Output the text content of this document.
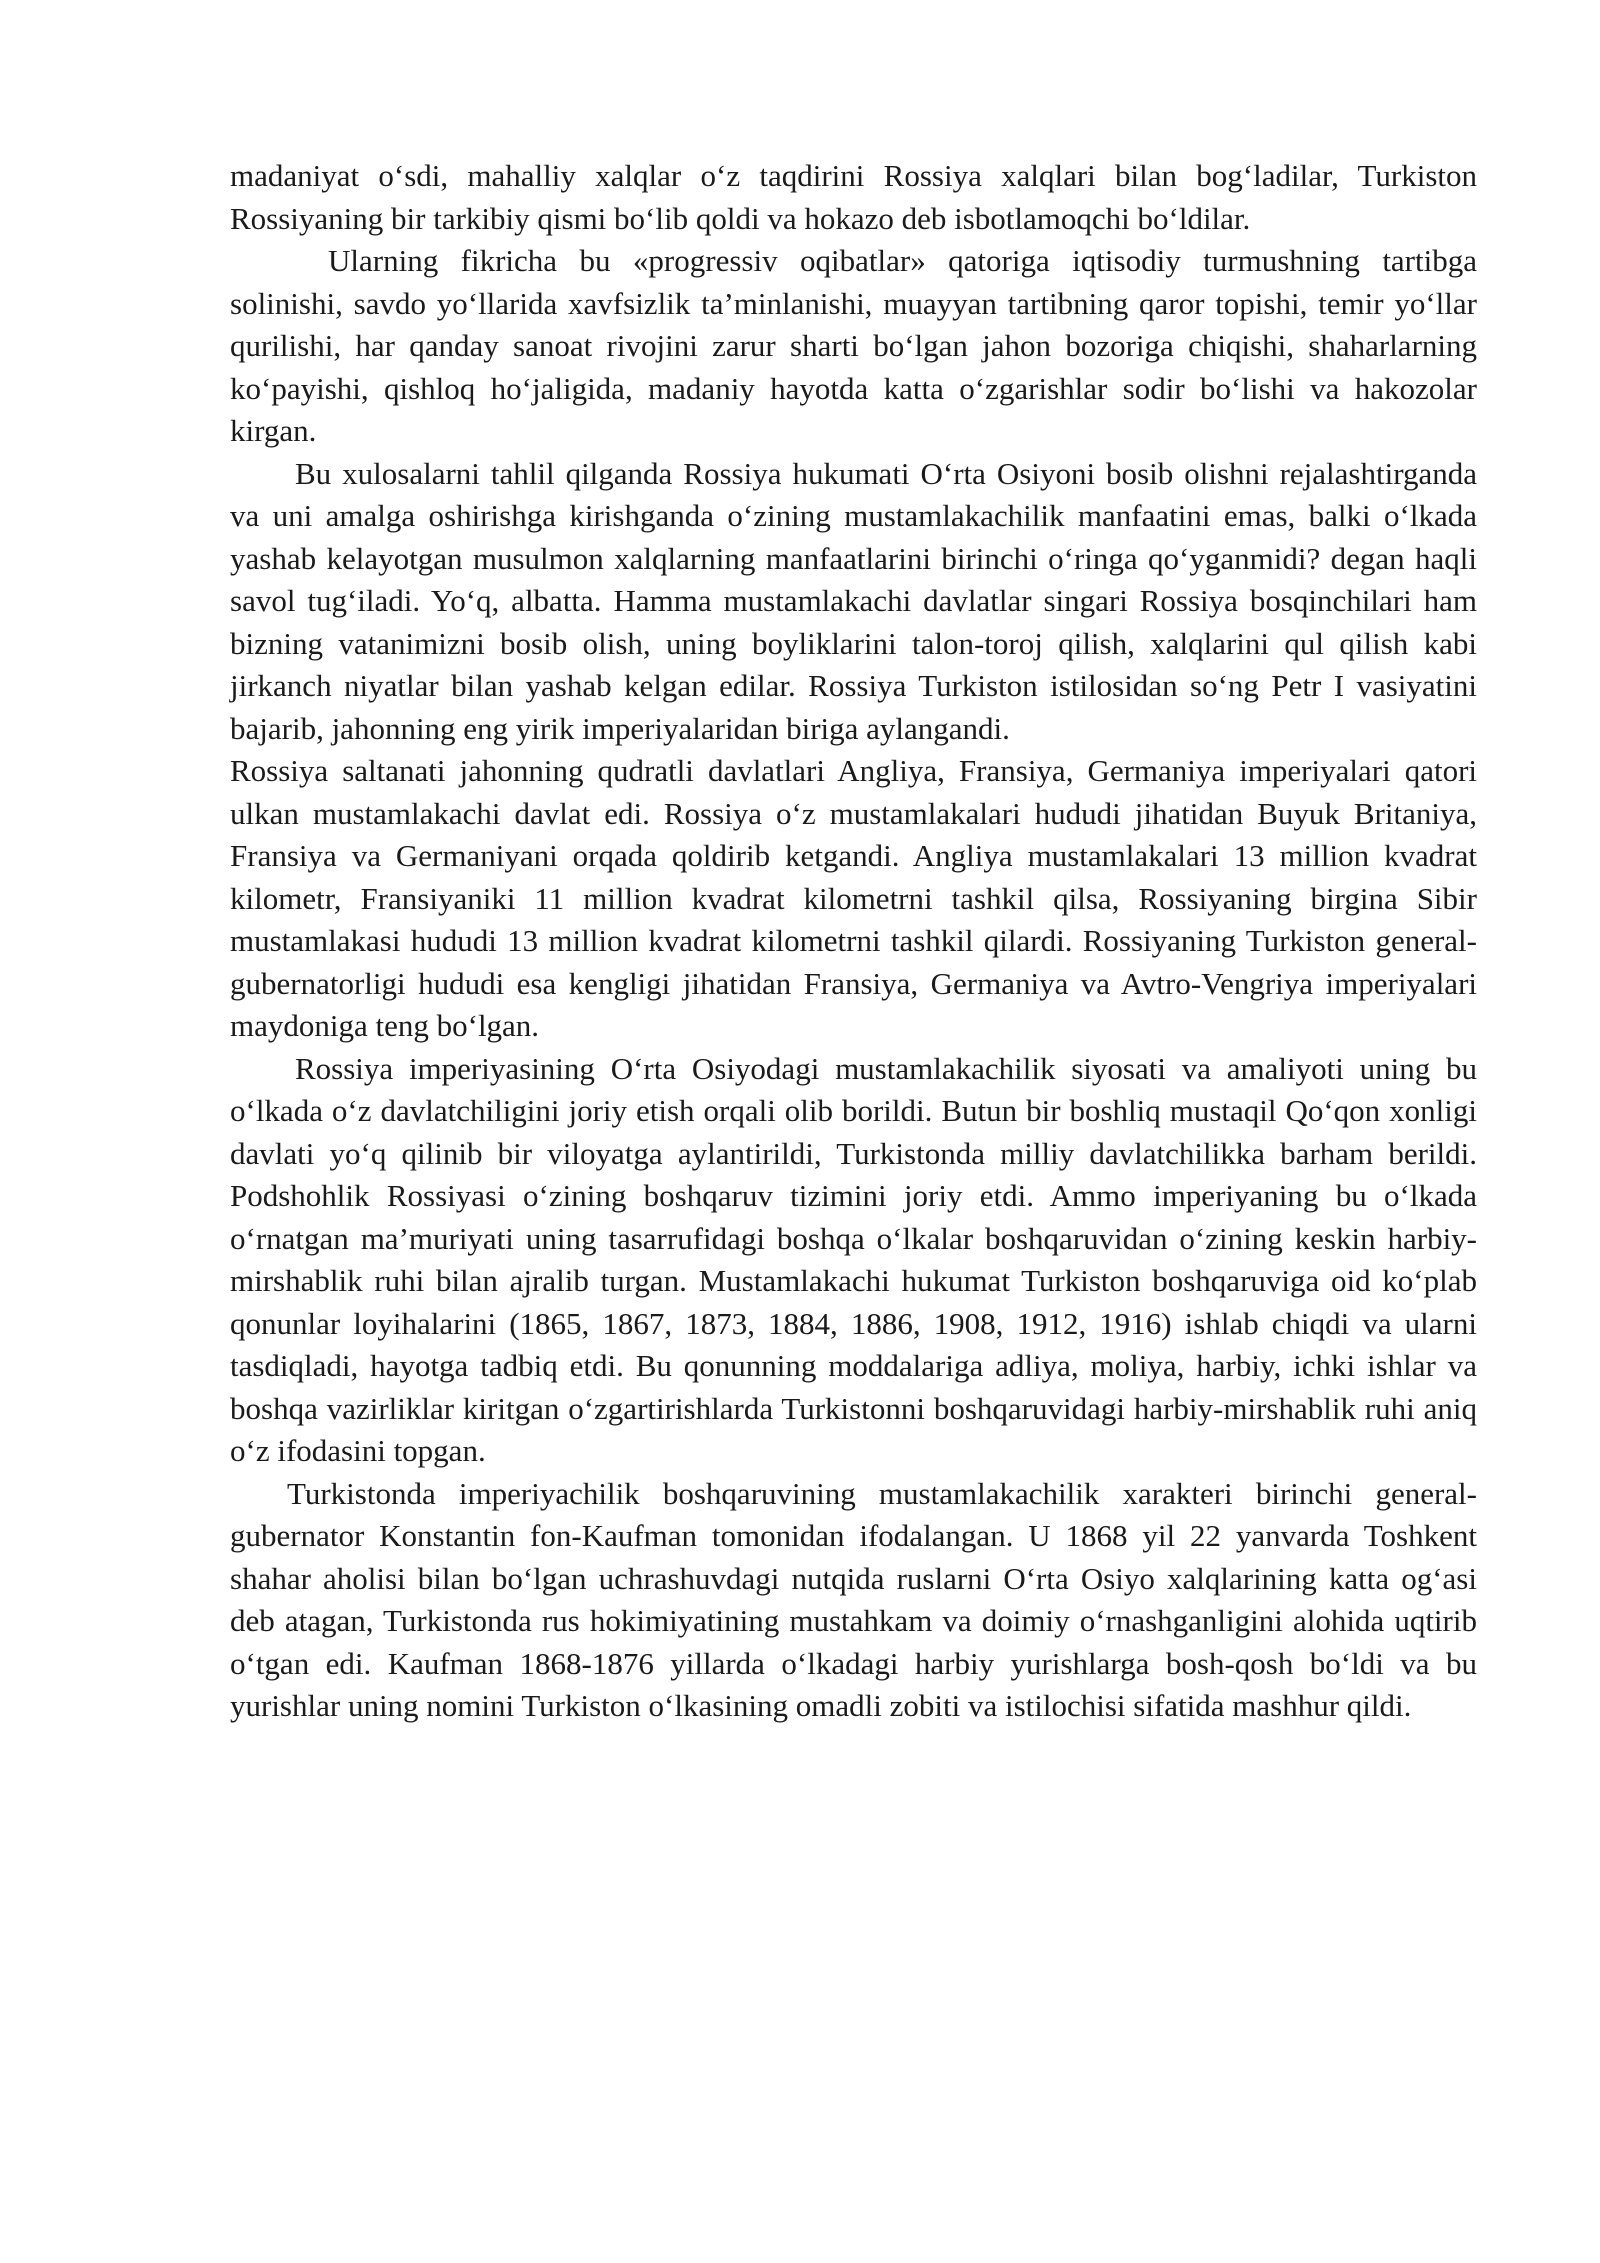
madaniyat o‘sdi, mahalliy xalqlar o‘z taqdirini Rossiya xalqlari bilan bog‘ladilar, Turkiston Rossiyaning bir tarkibiy qismi bo‘lib qoldi va hokazo deb isbotlamoqchi bo‘ldilar.

Ularning fikricha bu «progressiv oqibatlar» qatoriga iqtisodiy turmushning tartibga solinishi, savdo yo‘llarida xavfsizlik ta’minlanishi, muayyan tartibning qaror topishi, temir yo‘llar qurilishi, har qanday sanoat rivojini zarur sharti bo‘lgan jahon bozoriga chiqishi, shaharlarning ko‘payishi, qishloq ho‘jaligida, madaniy hayotda katta o‘zgarishlar sodir bo‘lishi va hakozolar kirgan.

Bu xulosalarni tahlil qilganda Rossiya hukumati O‘rta Osiyoni bosib olishni rejalashtirganda va uni amalga oshirishga kirishganda o‘zining mustamlakachilik manfaatini emas, balki o‘lkada yashab kelayotgan musulmon xalqlarning manfaatlarini birinchi o‘ringa qo‘yganmidi? degan haqli savol tug‘iladi. Yo‘q, albatta. Hamma mustamlakachi davlatlar singari Rossiya bosqinchilari ham bizning vatanimizni bosib olish, uning boyliklarini talon-toroj qilish, xalqlarini qul qilish kabi jirkanch niyatlar bilan yashab kelgan edilar. Rossiya Turkiston istilosidan so‘ng Petr I vasiyatini bajarib, jahonning eng yirik imperiyalaridan biriga aylangandi.

Rossiya saltanati jahonning qudratli davlatlari Angliya, Fransiya, Germaniya imperiyalari qatori ulkan mustamlakachi davlat edi. Rossiya o‘z mustamlakalari hududi jihatidan Buyuk Britaniya, Fransiya va Germaniyani orqada qoldirib ketgandi. Angliya mustamlakalari 13 million kvadrat kilometr, Fransiyaniki 11 million kvadrat kilometrni tashkil qilsa, Rossiyaning birgina Sibir mustamlakasi hududi 13 million kvadrat kilometrni tashkil qilardi. Rossiyaning Turkiston general-gubernatorligi hududi esa kengligi jihatidan Fransiya, Germaniya va Avtro-Vengriya imperiyalari maydoniga teng bo‘lgan.

Rossiya imperiyasining O‘rta Osiyodagi mustamlakachilik siyosati va amaliyoti uning bu o‘lkada o‘z davlatchiligini joriy etish orqali olib borildi. Butun bir boshliq mustaqil Qo‘qon xonligi davlati yo‘q qilinib bir viloyatga aylantirildi, Turkistonda milliy davlatchilikka barham berildi. Podshohlik Rossiyasi o‘zining boshqaruv tizimini joriy etdi. Ammo imperiyaning bu o‘lkada o‘rnatgan ma’muriyati uning tasarrufidagi boshqa o‘lkalar boshqaruvidan o‘zining keskin harbiy-mirshablik ruhi bilan ajralib turgan. Mustamlakachi hukumat Turkiston boshqaruviga oid ko‘plab qonunlar loyihalarini (1865, 1867, 1873, 1884, 1886, 1908, 1912, 1916) ishlab chiqdi va ularni tasdiqladi, hayotga tadbiq etdi. Bu qonunning moddalariga adliya, moliya, harbiy, ichki ishlar va boshqa vazirliklar kiritgan o‘zgartirishlarda Turkistonni boshqaruvidagi harbiy-mirshablik ruhi aniq o‘z ifodasini topgan.

Turkistonda imperiyachilik boshqaruvining mustamlakachilik xarakteri birinchi general-gubernator Konstantin fon-Kaufman tomonidan ifodalangan. U 1868 yil 22 yanvarda Toshkent shahar aholisi bilan bo‘lgan uchrashuvdagi nutqida ruslarni O‘rta Osiyo xalqlarining katta og‘asi deb atagan, Turkistonda rus hokimiyatining mustahkam va doimiy o‘rnashganligini alohida uqtirib o‘tgan edi. Kaufman 1868-1876 yillarda o‘lkadagi harbiy yurishlarga bosh-qosh bo‘ldi va bu yurishlar uning nomini Turkiston o‘lkasining omadli zobiti va istilochisi sifatida mashhur qildi.
